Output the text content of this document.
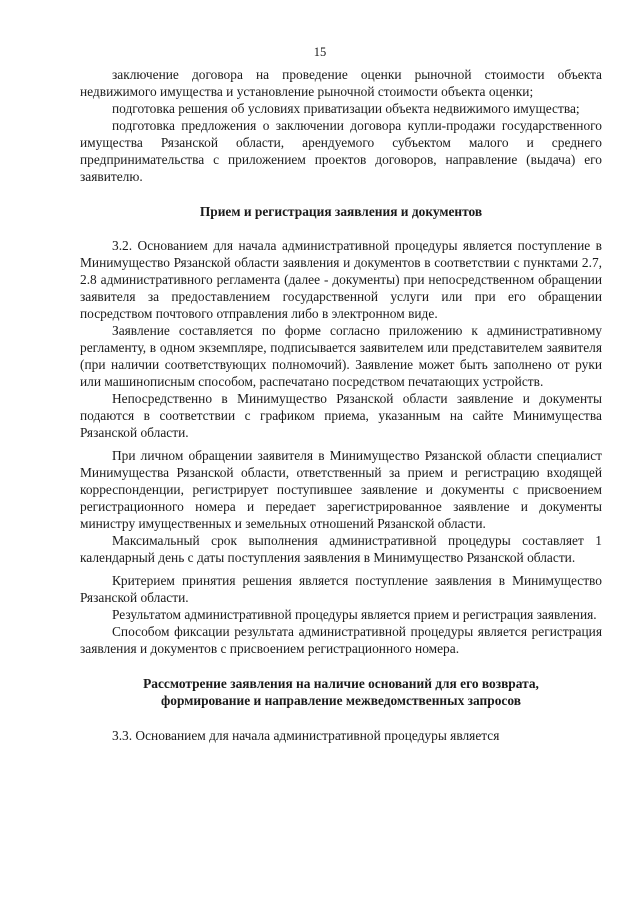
15

заключение договора на проведение оценки рыночной стоимости объекта недвижимого имущества и установление рыночной стоимости объекта оценки;

подготовка решения об условиях приватизации объекта недвижимого имущества;

подготовка предложения о заключении договора купли-продажи государственного имущества Рязанской области, арендуемого субъектом малого и среднего предпринимательства с приложением проектов договоров, направление (выдача) его заявителю.

Прием и регистрация заявления и документов

3.2. Основанием для начала административной процедуры является поступление в Минимущество Рязанской области заявления и документов в соответствии с пунктами 2.7, 2.8 административного регламента (далее - документы) при непосредственном обращении заявителя за предоставлением государственной услуги или при его обращении посредством почтового отправления либо в электронном виде.

Заявление составляется по форме согласно приложению к административному регламенту, в одном экземпляре, подписывается заявителем или представителем заявителя (при наличии соответствующих полномочий). Заявление может быть заполнено от руки или машинописным способом, распечатано посредством печатающих устройств.

Непосредственно в Минимущество Рязанской области заявление и документы подаются в соответствии с графиком приема, указанным на сайте Минимущества Рязанской области.

При личном обращении заявителя в Минимущество Рязанской области специалист Минимущества Рязанской области, ответственный за прием и регистрацию входящей корреспонденции, регистрирует поступившее заявление и документы с присвоением регистрационного номера и передает зарегистрированное заявление и документы министру имущественных и земельных отношений Рязанской области.

Максимальный срок выполнения административной процедуры составляет 1 календарный день с даты поступления заявления в Минимущество Рязанской области.

Критерием принятия решения является поступление заявления в Минимущество Рязанской области.

Результатом административной процедуры является прием и регистрация заявления.

Способом фиксации результата административной процедуры является регистрация заявления и документов с присвоением регистрационного номера.

Рассмотрение заявления на наличие оснований для его возврата,
формирование и направление межведомственных запросов

3.3. Основанием для начала административной процедуры является
